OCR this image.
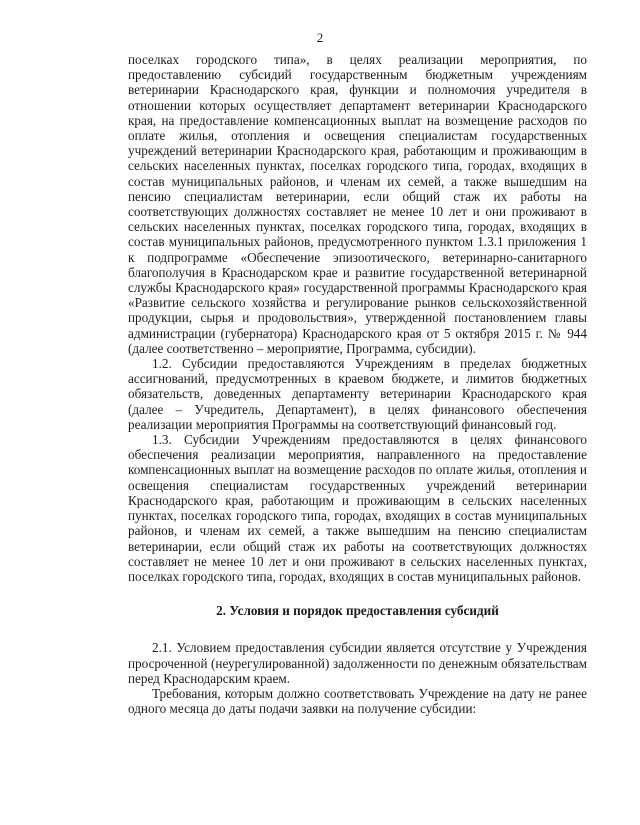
2

поселках городского типа», в целях реализации мероприятия, по предоставлению субсидий государственным бюджетным учреждениям ветеринарии Краснодарского края, функции и полномочия учредителя в отношении которых осуществляет департамент ветеринарии Краснодарского края, на предоставление компенсационных выплат на возмещение расходов по оплате жилья, отопления и освещения специалистам государственных учреждений ветеринарии Краснодарского края, работающим и проживающим в сельских населенных пунктах, поселках городского типа, городах, входящих в состав муниципальных районов, и членам их семей, а также вышедшим на пенсию специалистам ветеринарии, если общий стаж их работы на соответствующих должностях составляет не менее 10 лет и они проживают в сельских населенных пунктах, поселках городского типа, городах, входящих в состав муниципальных районов, предусмотренного пунктом 1.3.1 приложения 1 к подпрограмме «Обеспечение эпизоотического, ветеринарно-санитарного благополучия в Краснодарском крае и развитие государственной ветеринарной службы Краснодарского края» государственной программы Краснодарского края «Развитие сельского хозяйства и регулирование рынков сельскохозяйственной продукции, сырья и продовольствия», утвержденной постановлением главы администрации (губернатора) Краснодарского края от 5 октября 2015 г. № 944 (далее соответственно – мероприятие, Программа, субсидии).

1.2. Субсидии предоставляются Учреждениям в пределах бюджетных ассигнований, предусмотренных в краевом бюджете, и лимитов бюджетных обязательств, доведенных департаменту ветеринарии Краснодарского края (далее – Учредитель, Департамент), в целях финансового обеспечения реализации мероприятия Программы на соответствующий финансовый год.

1.3. Субсидии Учреждениям предоставляются в целях финансового обеспечения реализации мероприятия, направленного на предоставление компенсационных выплат на возмещение расходов по оплате жилья, отопления и освещения специалистам государственных учреждений ветеринарии Краснодарского края, работающим и проживающим в сельских населенных пунктах, поселках городского типа, городах, входящих в состав муниципальных районов, и членам их семей, а также вышедшим на пенсию специалистам ветеринарии, если общий стаж их работы на соответствующих должностях составляет не менее 10 лет и они проживают в сельских населенных пунктах, поселках городского типа, городах, входящих в состав муниципальных районов.

2. Условия и порядок предоставления субсидий

2.1. Условием предоставления субсидии является отсутствие у Учреждения просроченной (неурегулированной) задолженности по денежным обязательствам перед Краснодарским краем.

Требования, которым должно соответствовать Учреждение на дату не ранее одного месяца до даты подачи заявки на получение субсидии:
